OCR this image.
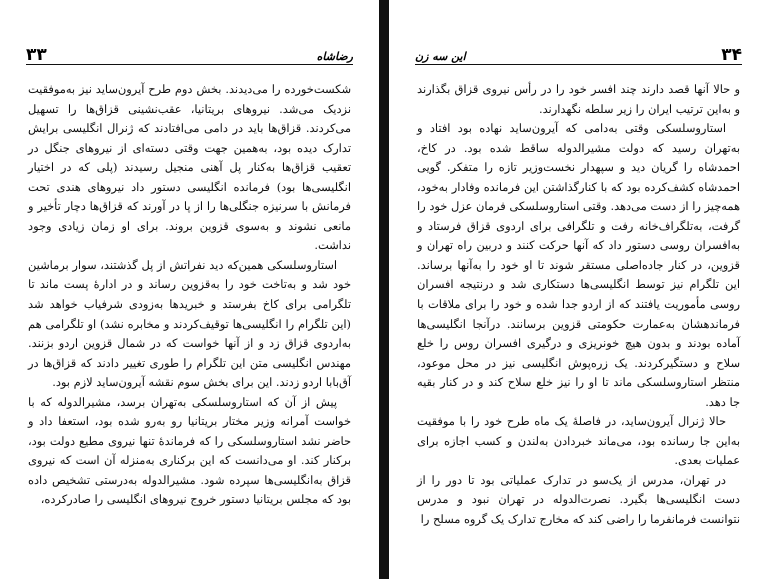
رضاشاه
۳۳

شکست‌خورده را می‌دیدند. بخش دوم طرح آیرون‌ساید نیز به‌موفقیت نزدیک می‌شد. نیروهای بریتانیا، عقب‌نشینی قزاق‌ها را تسهیل می‌کردند. قزاق‌ها باید در دامی می‌افتادند که ژنرال انگلیسی برایش تدارک دیده بود، به‌همین جهت وقتی دسته‌ای از نیروهای جنگل در تعقیب قزاق‌ها به‌کنار پل آهنی منجیل رسیدند (پلی که در اختیار انگلیسی‌ها بود) فرمانده انگلیسی دستور داد نیروهای هندی تحت فرمانش با سرنیزه جنگلی‌ها را از پا در آورند که قزاق‌ها دچار تأخیر و مانعی نشوند و به‌سوی قزوین بروند. برای او زمان زیادی وجود نداشت.

استاروسلسکی همین‌که دید نفراتش از پل گذشتند، سوار برماشین خود شد و به‌تاخت خود را به‌قزوین رساند و در ادارهٔ پست ماند تا تلگرامی برای کاخ بفرستد و خبرید‌ها به‌زودی شرفیاب خواهد شد (این تلگرام را انگلیسی‌ها توقیف‌کردند و مخابره نشد) او تلگرامی هم به‌اردوی قزاق زد و از آنها خواست که در شمال قزوین اردو بزنند. مهندس انگلیسی متن این تلگرام را طوری تغییر دادند که قزاق‌ها در آق‌بابا اردو زدند. این برای بخش سوم نقشه آیرون‌ساید لازم بود.

پیش از آن که استاروسلسکی به‌تهران برسد، مشیرالدوله که با خواست آمرانه وزیر مختار بریتانیا رو به‌رو شده بود، استعفا داد و حاضر نشد استاروسلسکی را که فرماندهٔ تنها نیروی مطیع دولت بود، برکنار کند. او می‌دانست که این برکناری به‌منزله آن است که نیروی قزاق به‌انگلیسی‌ها سپرده شود. مشیرالدوله به‌درستی تشخیص داده بود که مجلس بریتانیا دستور خروج نیروهای انگلیسی را صادرکرده،

۳۴
این سه زن

و حالا آنها قصد دارند چند افسر خود را در رأس نیروی قزاق بگذارند و به‌این ترتیب ایران را زیر سلطه نگهدارند.

استاروسلسکی وقتی به‌دامی که آیرون‌ساید نهاده بود افتاد و به‌تهران رسید که دولت مشیرالدوله ساقط شده بود. در کاخ، احمدشاه را گریان دید و سپهدار نخست‌وزیر تازه را متفکر. گویی احمدشاه کشف‌کرده بود که با کنارگذاشتن این فرمانده وفادار به‌خود، همه‌چیز را از دست می‌دهد. وقتی استاروسلسکی فرمان عزل خود را گرفت، به‌تلگراف‌خانه رفت و تلگرافی برای اردوی قزاق فرستاد و به‌افسران روسی دستور داد که آنها حرکت کنند و دربین راه تهران و قزوین، در کنار جاده‌اصلی مستقر شوند تا او خود را به‌آنها برساند. این تلگرام نیز توسط انگلیسی‌ها دستکاری شد و درنتیجه افسران روسی مأموریت یافتند که از اردو جدا شده و خود را برای ملاقات با فرماندهشان به‌عمارت حکومتی قزوین برسانند. درآنجا انگلیسی‌ها آماده بودند و بدون هیچ خونریزی و درگیری افسران روس را خلع سلاح و دستگیرکردند. یک زره‌پوش انگلیسی نیز در محل موعود، منتظر استاروسلسکی ماند تا او را نیز خلع سلاح کند و در کنار بقیه جا دهد.

حالا ژنرال آیرون‌ساید، در فاصلهٔ یک ماه طرح خود را با موفقیت به‌این جا رسانده بود، می‌ماند خبردادن به‌لندن و کسب اجازه برای عملیات بعدی.

در تهران، مدرس از یک‌سو در تدارک عملیاتی بود تا دور را از دست انگلیسی‌ها بگیرد. نصرت‌الدوله در تهران نبود و مدرس نتوانست فرمانفرما را راضی کند که مخارج تدارک یک گروه مسلح را
